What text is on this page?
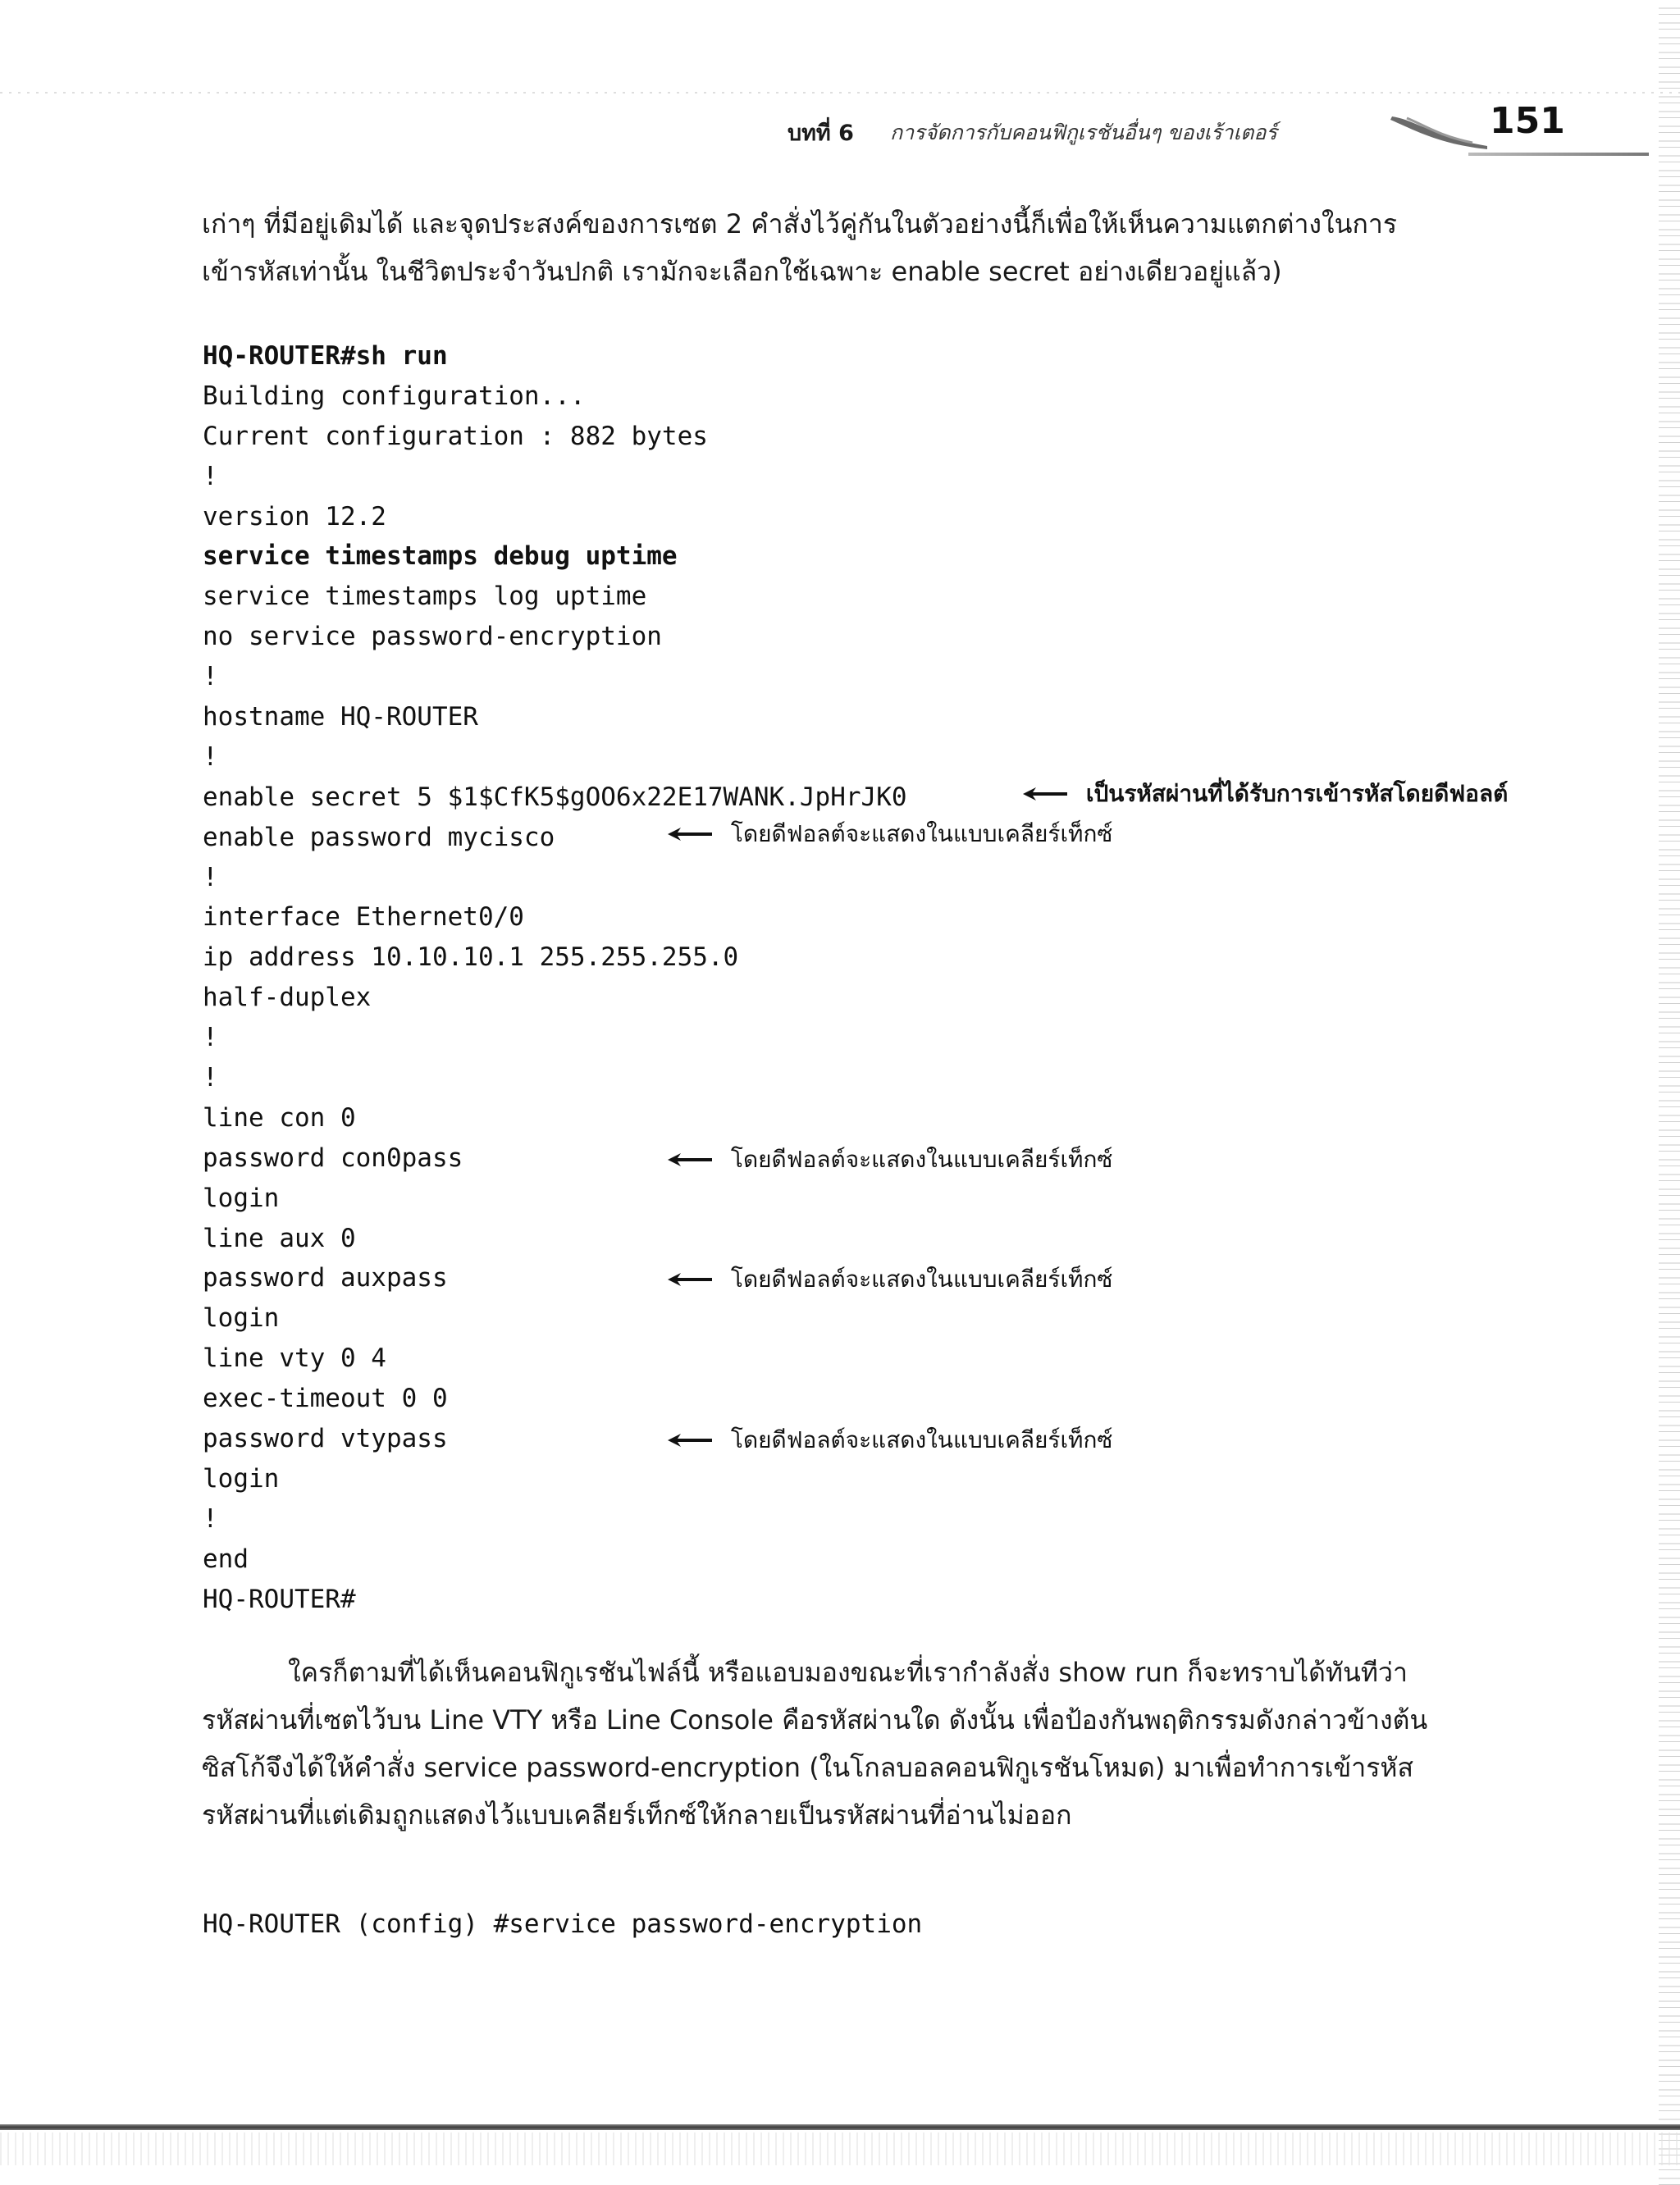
บทที่ 6 การจัดการกับคอนฟิกูเรชันอื่นๆ ของเร้าเตอร์	151
เก่าๆ ที่มีอยู่เดิมได้ และจุดประสงค์ของการเซต 2 คำสั่งไว้คู่กันในตัวอย่างนี้ก็เพื่อให้เห็นความแตกต่างในการ
เข้ารหัสเท่านั้น ในชีวิตประจำวันปกติ เรามักจะเลือกใช้เฉพาะ enable secret อย่างเดียวอยู่แล้ว)
HQ-ROUTER#sh run
Building configuration...
Current configuration : 882 bytes
!
version 12.2
service timestamps debug uptime
service timestamps log uptime
no service password-encryption
!
hostname HQ-ROUTER
!
enable secret 5 $1$CfK5$gOO6x22E17WANK.JpHrJK0
enable password mycisco
!
interface Ethernet0/0
ip address 10.10.10.1 255.255.255.0
half-duplex
!
!
line con 0
password con0pass
login
line aux 0
password auxpass
login
line vty 0 4
exec-timeout 0 0
password vtypass
login
!
end
HQ-ROUTER#
เป็นรหัสผ่านที่ได้รับการเข้ารหัสโดยดีฟอลต์
โดยดีฟอลต์จะแสดงในแบบเคลียร์เท็กซ์
โดยดีฟอลต์จะแสดงในแบบเคลียร์เท็กซ์
โดยดีฟอลต์จะแสดงในแบบเคลียร์เท็กซ์
โดยดีฟอลต์จะแสดงในแบบเคลียร์เท็กซ์
ใครก็ตามที่ได้เห็นคอนฟิกูเรชันไฟล์นี้ หรือแอบมองขณะที่เรากำลังสั่ง show run ก็จะทราบได้ทันทีว่า
รหัสผ่านที่เซตไว้บน Line VTY หรือ Line Console คือรหัสผ่านใด ดังนั้น เพื่อป้องกันพฤติกรรมดังกล่าวข้างต้น
ซิสโก้จึงได้ให้คำสั่ง service password-encryption (ในโกลบอลคอนฟิกูเรชันโหมด) มาเพื่อทำการเข้ารหัส
รหัสผ่านที่แต่เดิมถูกแสดงไว้แบบเคลียร์เท็กซ์ให้กลายเป็นรหัสผ่านที่อ่านไม่ออก
HQ-ROUTER (config) #service password-encryption
